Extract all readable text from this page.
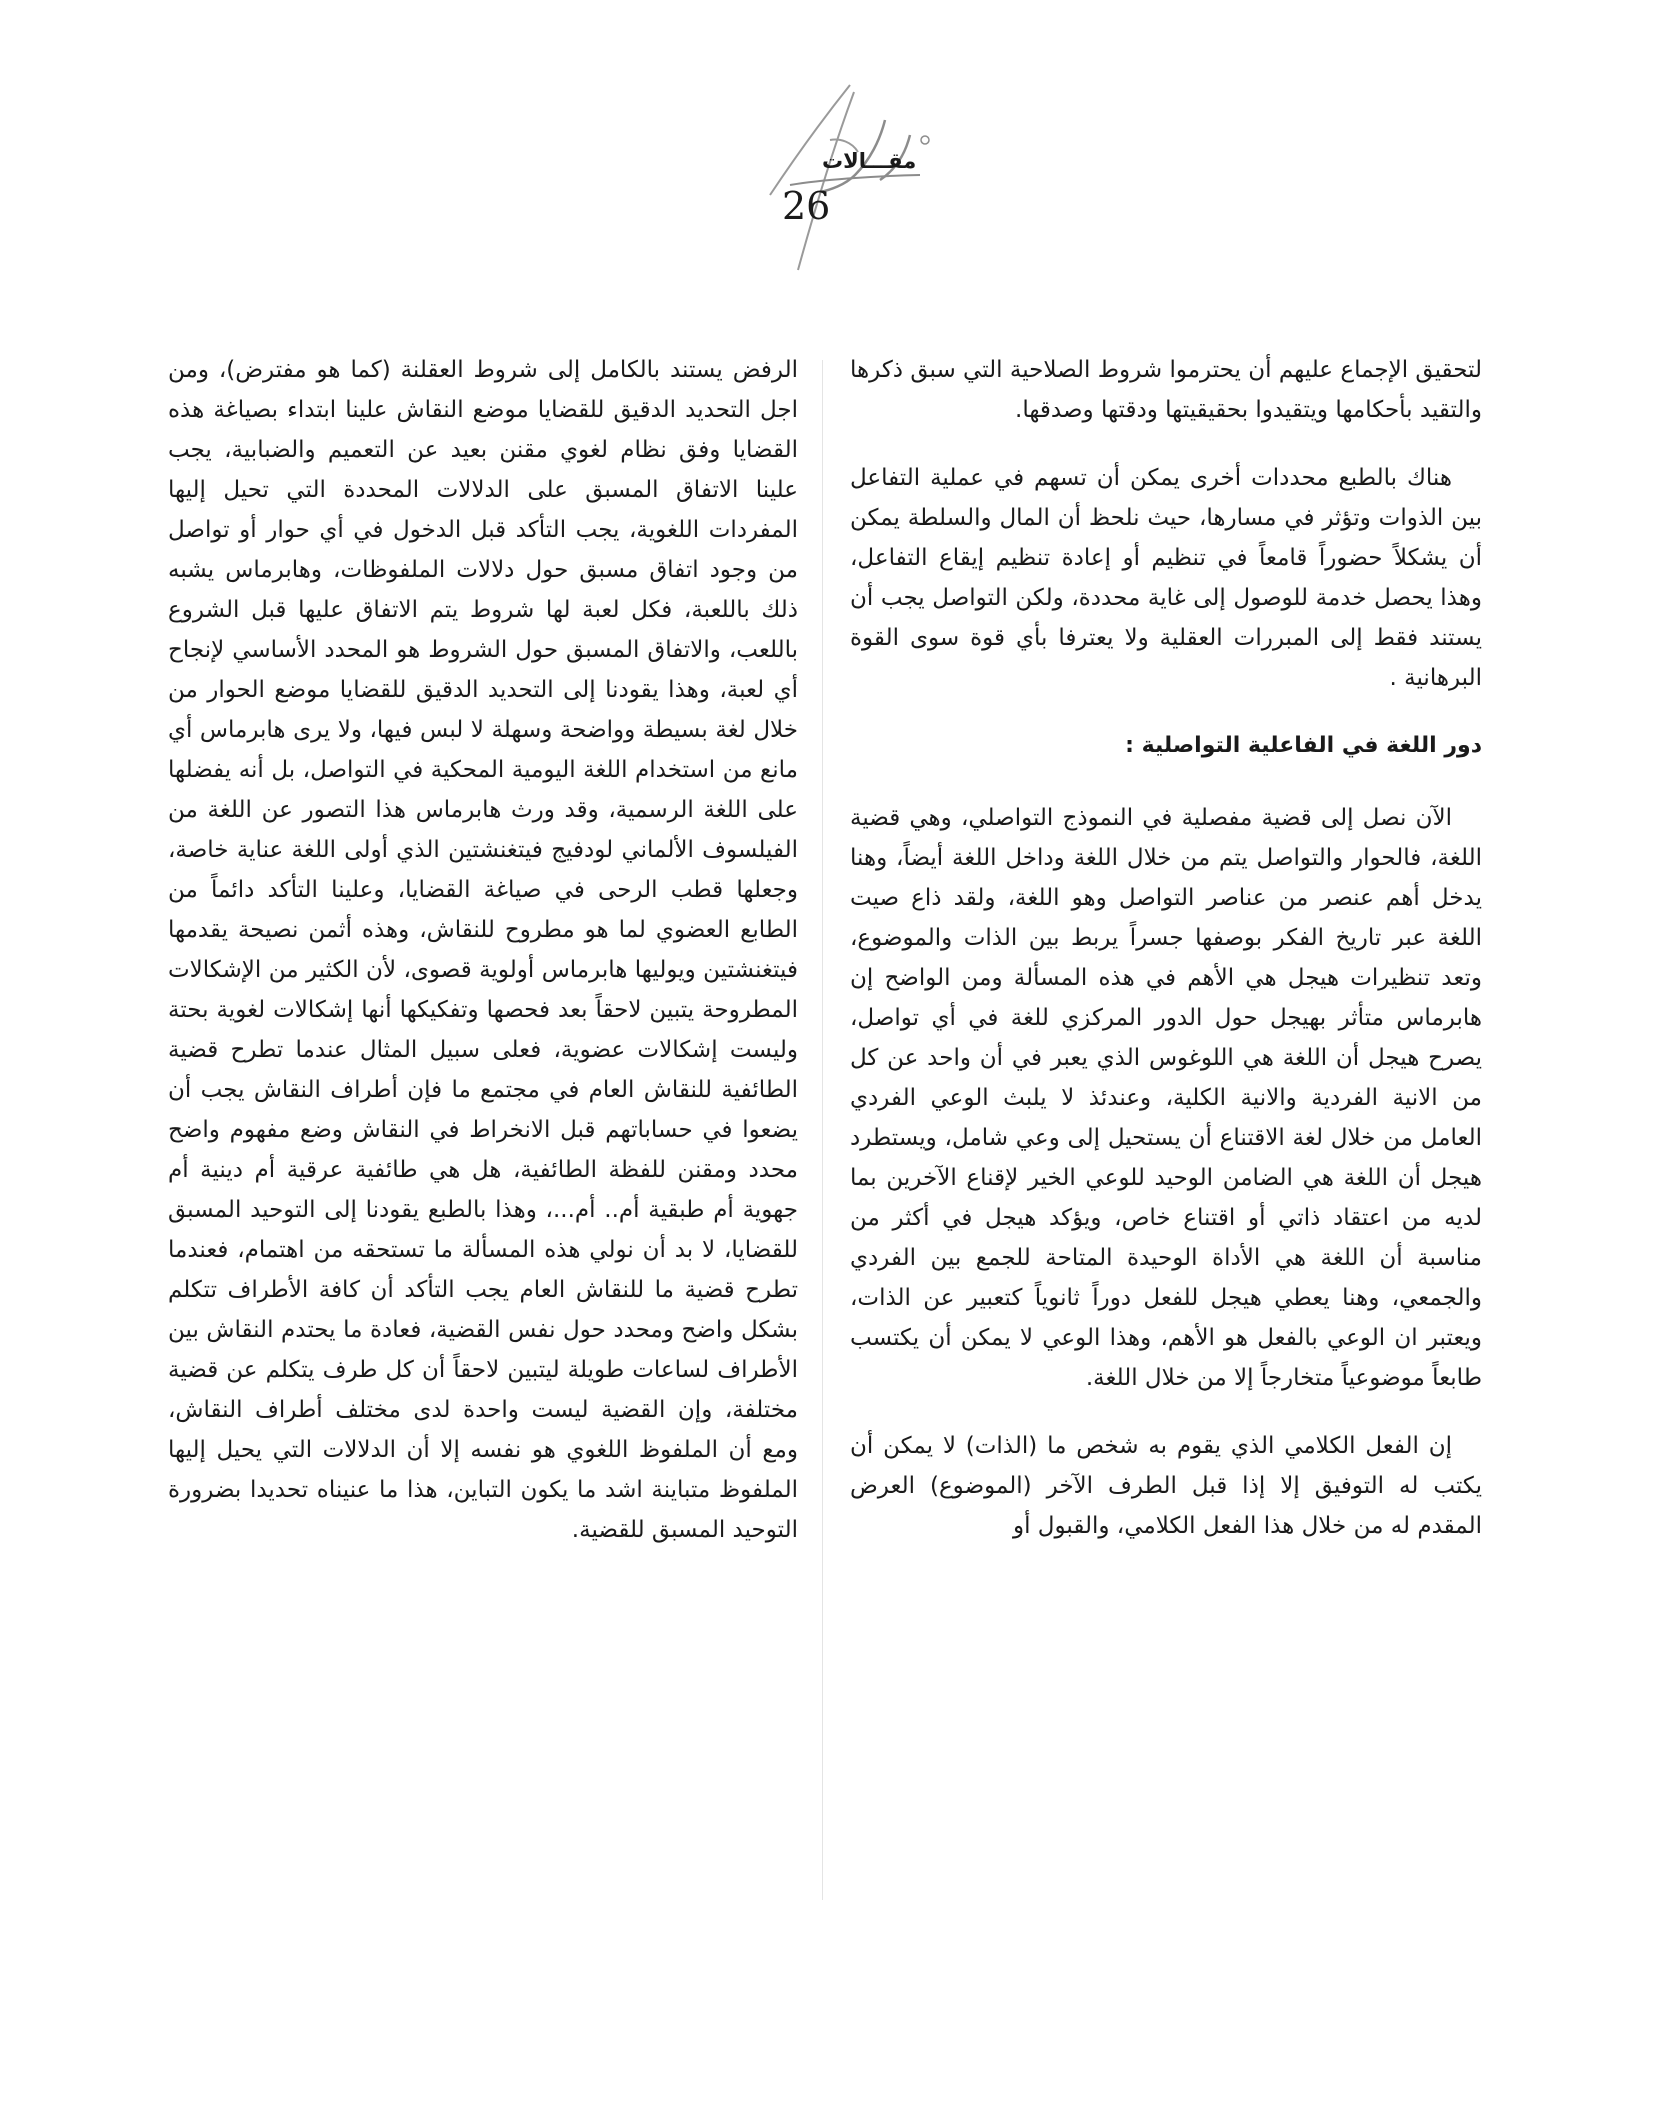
مقـــالات
26

لتحقيق الإجماع عليهم أن يحترموا شروط الصلاحية التي سبق ذكرها والتقيد بأحكامها ويتقيدوا بحقيقيتها ودقتها وصدقها.

هناك بالطبع محددات أخرى يمكن أن تسهم في عملية التفاعل بين الذوات وتؤثر في مسارها، حيث نلحظ أن المال والسلطة يمكن أن يشكلاً حضوراً قامعاً في تنظيم أو إعادة تنظيم إيقاع التفاعل، وهذا يحصل خدمة للوصول إلى غاية محددة، ولكن التواصل يجب أن يستند فقط إلى المبررات العقلية ولا يعترفا بأي قوة سوى القوة البرهانية .

دور اللغة في الفاعلية التواصلية :

الآن نصل إلى قضية مفصلية في النموذج التواصلي، وهي قضية اللغة، فالحوار والتواصل يتم من خلال اللغة وداخل اللغة أيضاً، وهنا يدخل أهم عنصر من عناصر التواصل وهو اللغة، ولقد ذاع صيت اللغة عبر تاريخ الفكر بوصفها جسراً يربط بين الذات والموضوع، وتعد تنظيرات هيجل هي الأهم في هذه المسألة ومن الواضح إن هابرماس متأثر بهيجل حول الدور المركزي للغة في أي تواصل، يصرح هيجل أن اللغة هي اللوغوس الذي يعبر في أن واحد عن كل من الانية الفردية والانية الكلية، وعندئذ لا يلبث الوعي الفردي العامل من خلال لغة الاقتناع أن يستحيل إلى وعي شامل، ويستطرد هيجل أن اللغة هي الضامن الوحيد للوعي الخير لإقناع الآخرين بما لديه من اعتقاد ذاتي أو اقتناع خاص، ويؤكد هيجل في أكثر من مناسبة أن اللغة هي الأداة الوحيدة المتاحة للجمع بين الفردي والجمعي، وهنا يعطي هيجل للفعل دوراً ثانوياً كتعبير عن الذات، ويعتبر ان الوعي بالفعل هو الأهم، وهذا الوعي لا يمكن أن يكتسب طابعاً موضوعياً متخارجاً إلا من خلال اللغة.

إن الفعل الكلامي الذي يقوم به شخص ما (الذات) لا يمكن أن يكتب له التوفيق إلا إذا قبل الطرف الآخر (الموضوع) العرض المقدم له من خلال هذا الفعل الكلامي، والقبول أو

الرفض يستند بالكامل إلى شروط العقلنة (كما هو مفترض)، ومن اجل التحديد الدقيق للقضايا موضع النقاش علينا ابتداء بصياغة هذه القضايا وفق نظام لغوي مقنن بعيد عن التعميم والضبابية، يجب علينا الاتفاق المسبق على الدلالات المحددة التي تحيل إليها المفردات اللغوية، يجب التأكد قبل الدخول في أي حوار أو تواصل من وجود اتفاق مسبق حول دلالات الملفوظات، وهابرماس يشبه ذلك باللعبة، فكل لعبة لها شروط يتم الاتفاق عليها قبل الشروع باللعب، والاتفاق المسبق حول الشروط هو المحدد الأساسي لإنجاح أي لعبة، وهذا يقودنا إلى التحديد الدقيق للقضايا موضع الحوار من خلال لغة بسيطة وواضحة وسهلة لا لبس فيها، ولا يرى هابرماس أي مانع من استخدام اللغة اليومية المحكية في التواصل، بل أنه يفضلها على اللغة الرسمية، وقد ورث هابرماس هذا التصور عن اللغة من الفيلسوف الألماني لودفيج فيتغنشتين الذي أولى اللغة عناية خاصة، وجعلها قطب الرحى في صياغة القضايا، وعلينا التأكد دائماً من الطابع العضوي لما هو مطروح للنقاش، وهذه أثمن نصيحة يقدمها فيتغنشتين ويوليها هابرماس أولوية قصوى، لأن الكثير من الإشكالات المطروحة يتبين لاحقاً بعد فحصها وتفكيكها أنها إشكالات لغوية بحتة وليست إشكالات عضوية، فعلى سبيل المثال عندما تطرح قضية الطائفية للنقاش العام في مجتمع ما فإن أطراف النقاش يجب أن يضعوا في حساباتهم قبل الانخراط في النقاش وضع مفهوم واضح محدد ومقنن للفظة الطائفية، هل هي طائفية عرقية أم دينية أم جهوية أم طبقية أم.. أم...، وهذا بالطبع يقودنا إلى التوحيد المسبق للقضايا، لا بد أن نولي هذه المسألة ما تستحقه من اهتمام، فعندما تطرح قضية ما للنقاش العام يجب التأكد أن كافة الأطراف تتكلم بشكل واضح ومحدد حول نفس القضية، فعادة ما يحتدم النقاش بين الأطراف لساعات طويلة ليتبين لاحقاً أن كل طرف يتكلم عن قضية مختلفة، وإن القضية ليست واحدة لدى مختلف أطراف النقاش، ومع أن الملفوظ اللغوي هو نفسه إلا أن الدلالات التي يحيل إليها الملفوظ متباينة اشد ما يكون التباين، هذا ما عنيناه تحديدا بضرورة التوحيد المسبق للقضية.
